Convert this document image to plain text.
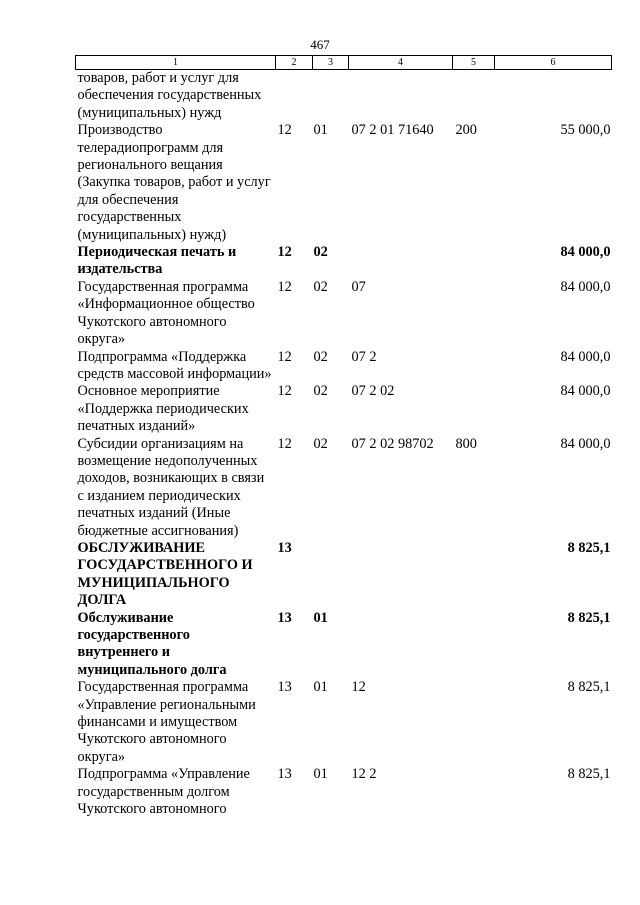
467
1	2	3	4	5	6
товаров, работ и услуг для обеспечения государственных (муниципальных) нужд					
Производство телерадиопрограмм для регионального вещания (Закупка товаров, работ и услуг для обеспечения государственных (муниципальных) нужд)	12	01	07 2 01 71640	200	55 000,0
Периодическая печать и издательства	12	02			84 000,0
Государственная программа «Информационное общество Чукотского автономного округа»	12	02	07		84 000,0
Подпрограмма «Поддержка средств массовой информации»	12	02	07 2		84 000,0
Основное мероприятие «Поддержка периодических печатных изданий»	12	02	07 2 02		84 000,0
Субсидии организациям на возмещение недополученных доходов, возникающих в связи с изданием периодических печатных изданий (Иные бюджетные ассигнования)	12	02	07 2 02 98702	800	84 000,0
ОБСЛУЖИВАНИЕ ГОСУДАРСТВЕННОГО И МУНИЦИПАЛЬНОГО ДОЛГА	13				8 825,1
Обслуживание государственного внутреннего и муниципального долга	13	01			8 825,1
Государственная программа «Управление региональными финансами и имуществом Чукотского автономного округа»	13	01	12		8 825,1
Подпрограмма «Управление государственным долгом Чукотского автономного	13	01	12 2		8 825,1
